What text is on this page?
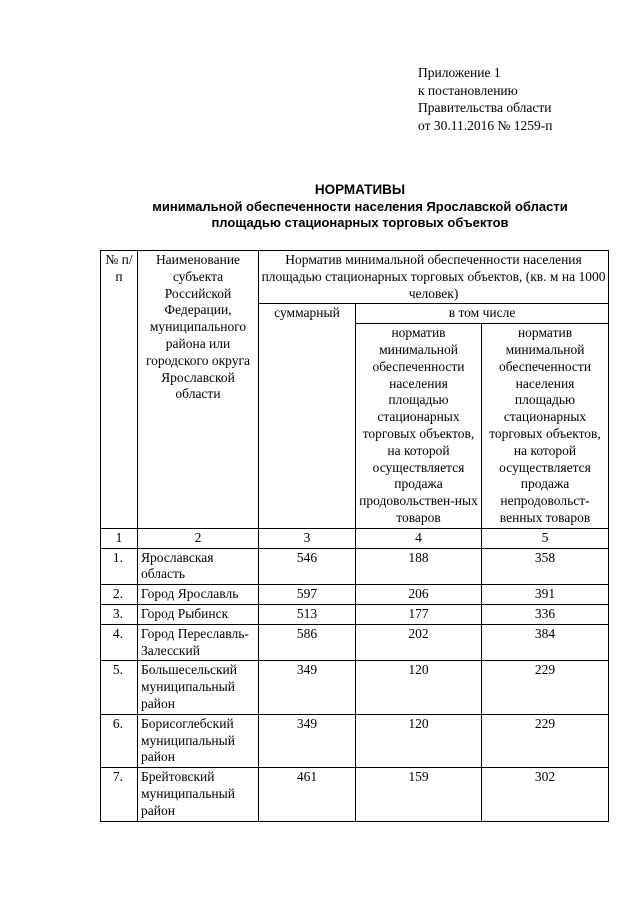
Приложение 1
к постановлению
Правительства области
от 30.11.2016 № 1259-п
НОРМАТИВЫ
минимальной обеспеченности населения Ярославской области
площадью стационарных торговых объектов
№ п/п	Наименование субъекта Российской Федерации, муниципального района или городского округа Ярославской области	Норматив минимальной обеспеченности населения площадью стационарных торговых объектов, (кв. м на 1000 человек)		
		суммарный	в том числе	
			норматив минимальной обеспеченности населения площадью стационарных торговых объектов, на которой осуществляется продажа продовольствен-ных товаров	норматив минимальной обеспеченности населения площадью стационарных торговых объектов, на которой осуществляется продажа непродовольст-венных товаров
1	2	3	4	5
1.	Ярославская область	546	188	358
2.	Город Ярославль	597	206	391
3.	Город Рыбинск	513	177	336
4.	Город Переславль-Залесский	586	202	384
5.	Большесельский муниципальный район	349	120	229
6.	Борисоглебский муниципальный район	349	120	229
7.	Брейтовский муниципальный район	461	159	302
